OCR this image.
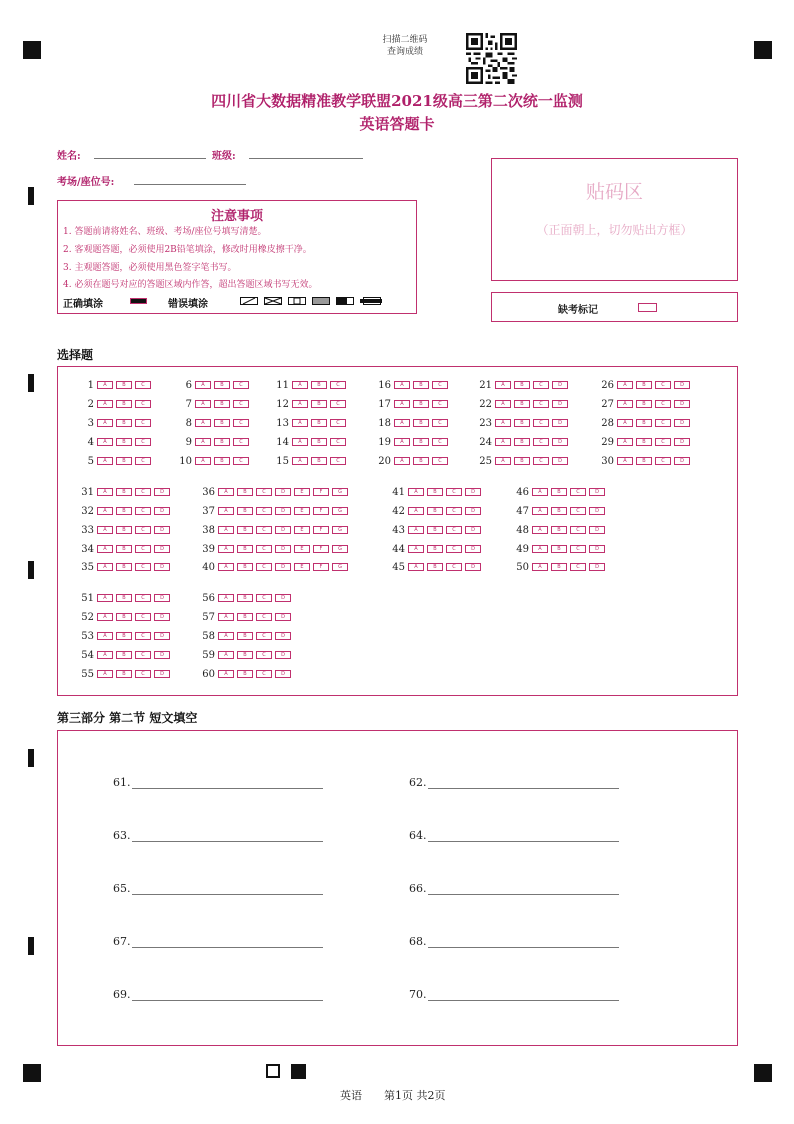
扫描二维码
查询成绩
四川省大数据精准教学联盟2021级高三第二次统一监测
英语答题卡
姓名:	班级:
考场/座位号:	贴码区
（正面朝上，切勿贴出方框）
缺考标记
注意事项
1. 答题前请将姓名、班级、考场/座位号填写清楚。
2. 客观题答题，必须使用2B铅笔填涂，修改时用橡皮擦干净。
3. 主观题答题，必须使用黑色签字笔书写。
4. 必须在题号对应的答题区域内作答，超出答题区域书写无效。
正确填涂	错误填涂
选择题
1	A	B	C
2	A	B	C
3	A	B	C
4	A	B	C
5	A	B	C
6	A	B	C
7	A	B	C
8	A	B	C
9	A	B	C
10	A	B	C
11	A	B	C
12	A	B	C
13	A	B	C
14	A	B	C
15	A	B	C
16	A	B	C
17	A	B	C
18	A	B	C
19	A	B	C
20	A	B	C
21	A	B	C	D
22	A	B	C	D
23	A	B	C	D
24	A	B	C	D
25	A	B	C	D
26	A	B	C	D
27	A	B	C	D
28	A	B	C	D
29	A	B	C	D
30	A	B	C	D
31	A	B	C	D
32	A	B	C	D
33	A	B	C	D
34	A	B	C	D
35	A	B	C	D
36	A	B	C	D	E	F	G
37	A	B	C	D	E	F	G
38	A	B	C	D	E	F	G
39	A	B	C	D	E	F	G
40	A	B	C	D	E	F	G
41	A	B	C	D
42	A	B	C	D
43	A	B	C	D
44	A	B	C	D
45	A	B	C	D
46	A	B	C	D
47	A	B	C	D
48	A	B	C	D
49	A	B	C	D
50	A	B	C	D
51	A	B	C	D
52	A	B	C	D
53	A	B	C	D
54	A	B	C	D
55	A	B	C	D
56	A	B	C	D
57	A	B	C	D
58	A	B	C	D
59	A	B	C	D
60	A	B	C	D
第三部分 第二节 短文填空
61.
63.
65.
67.
69.
62.
64.
66.
68.
70.
英语 第1页 共2页
